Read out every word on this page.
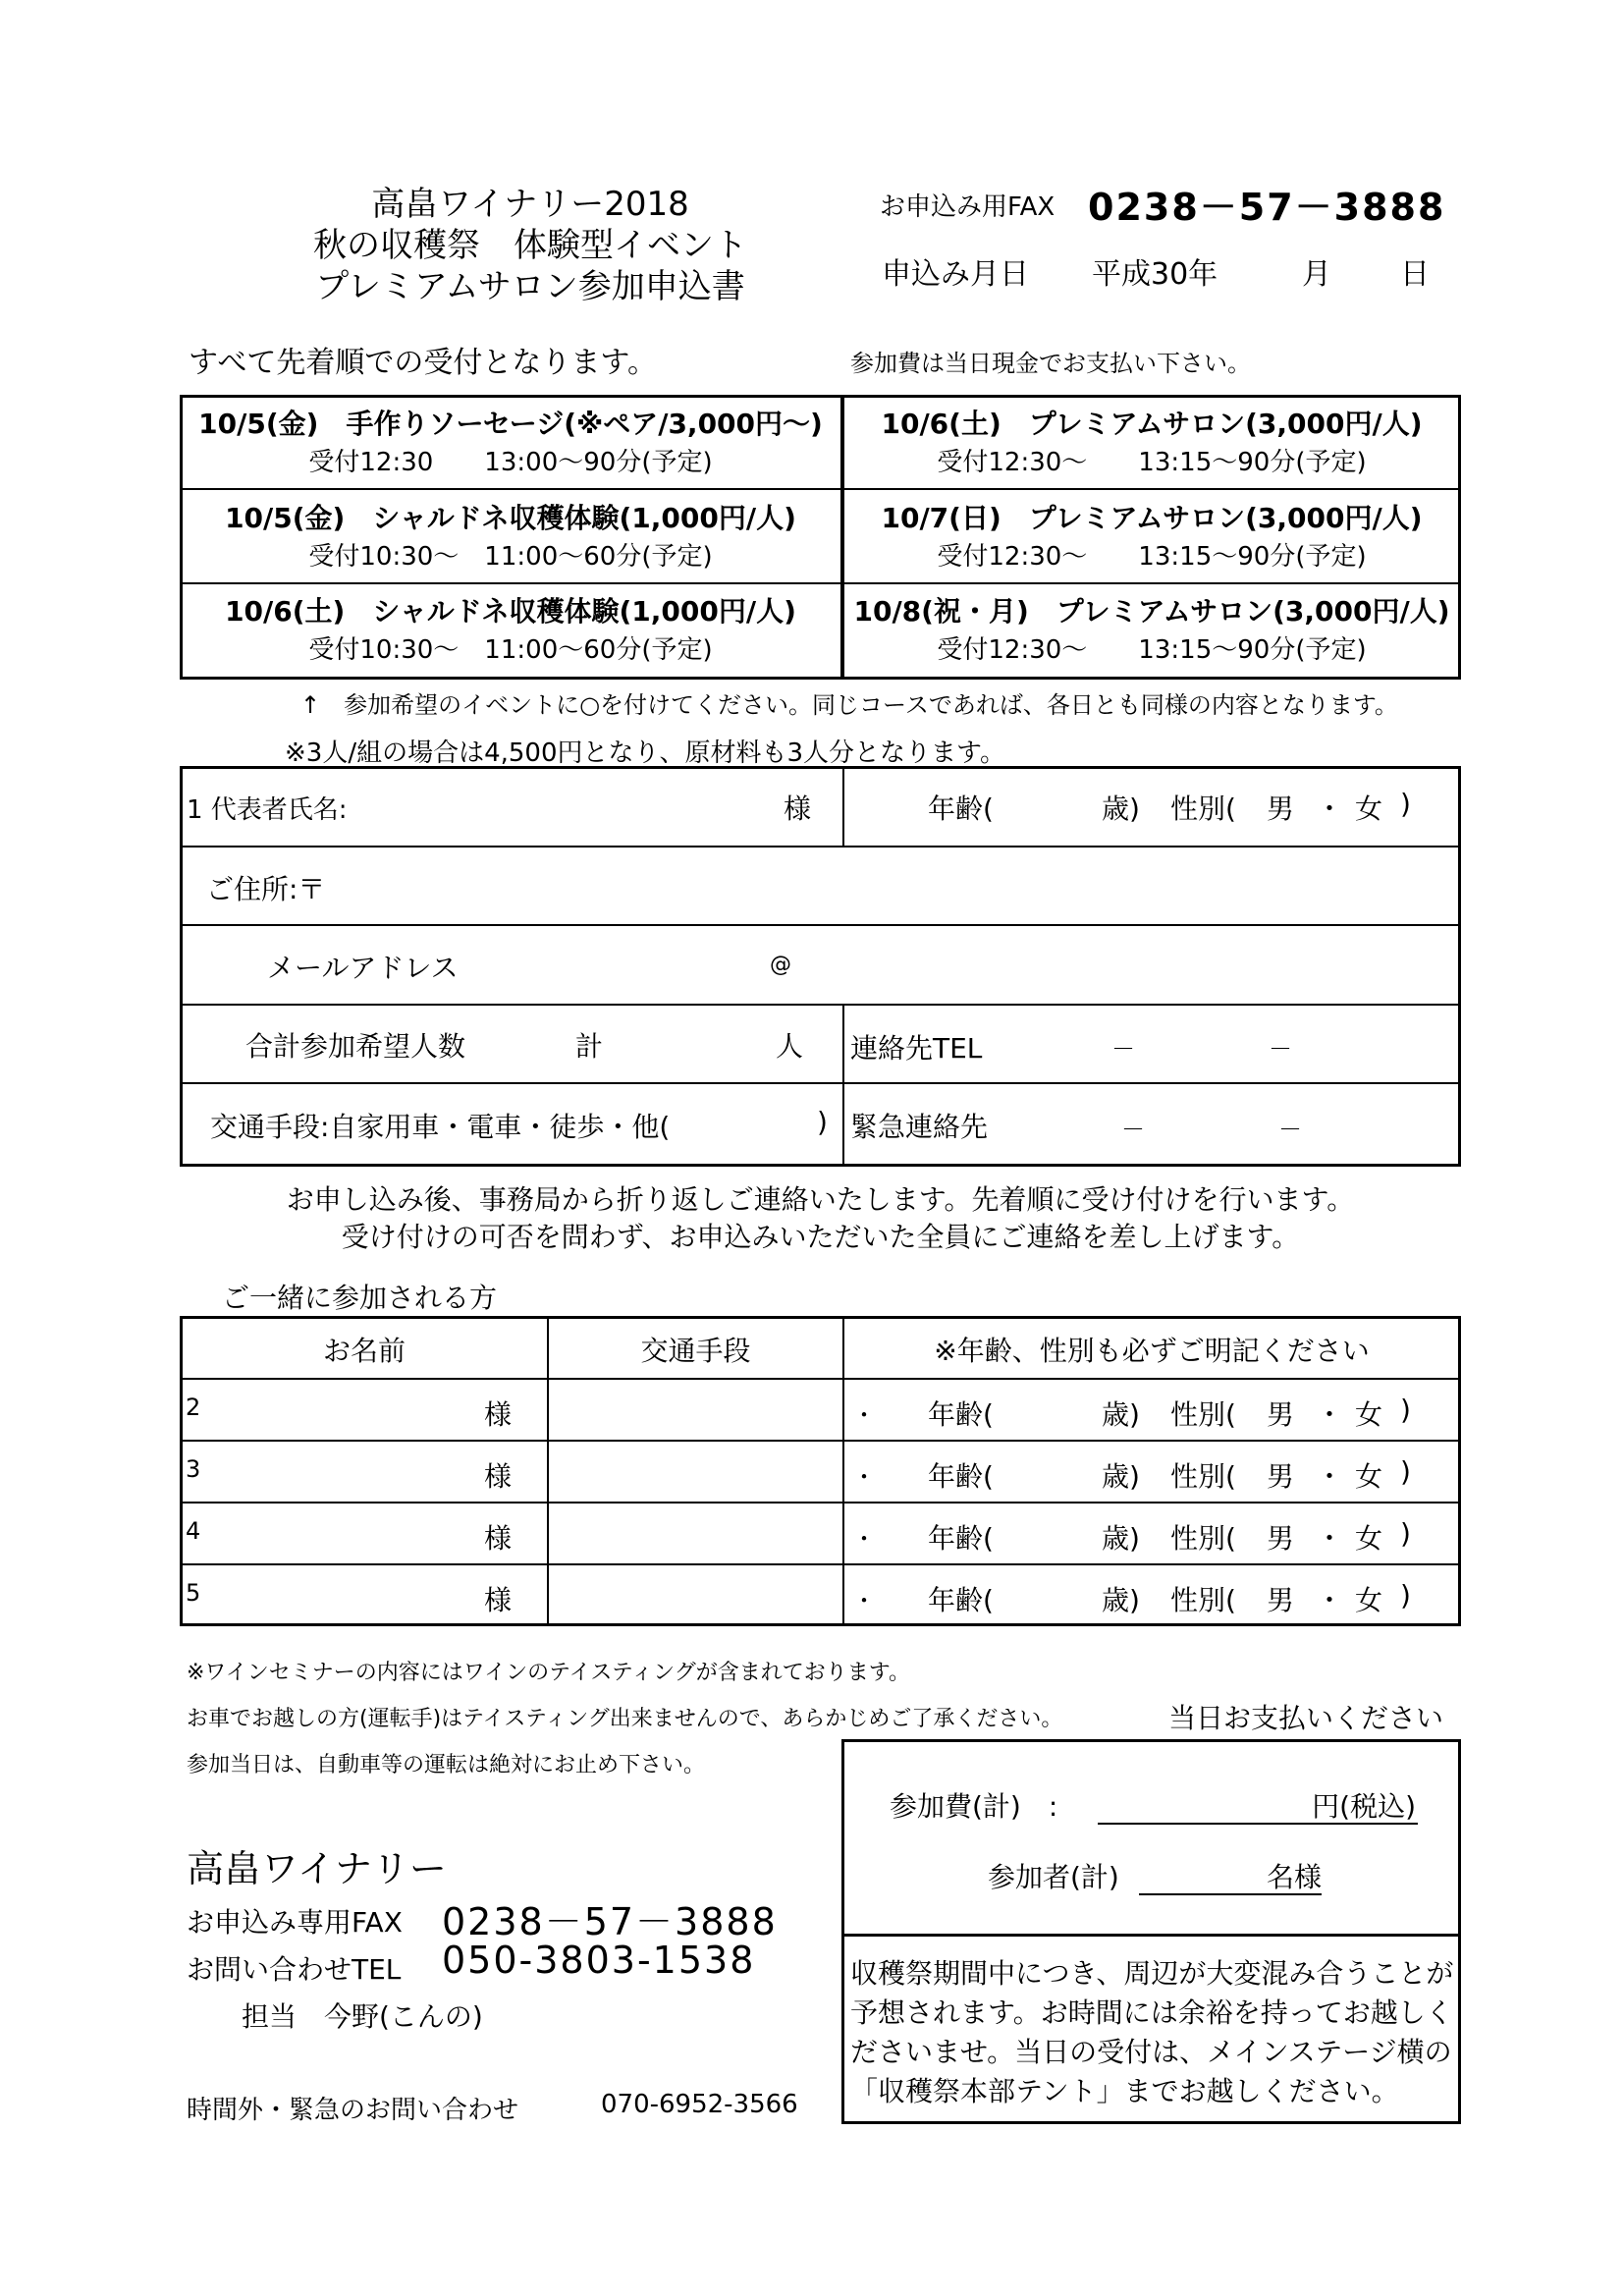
高畠ワイナリー2018
秋の収穫祭　体験型イベント
プレミアムサロン参加申込書
お申込み用FAX 0238－57－3888
申込み月日 平成30年	月 日
すべて先着順での受付となります。	参加費は当日現金でお支払い下さい。
10/5(金)　手作りソーセージ(※ペア/3,000円～)
受付12:30　　13:00～90分(予定)
10/6(土)　プレミアムサロン(3,000円/人)
受付12:30～　　13:15～90分(予定)
10/5(金)　シャルドネ収穫体験(1,000円/人)
受付10:30～　11:00～60分(予定)
10/7(日)　プレミアムサロン(3,000円/人)
受付12:30～　　13:15～90分(予定)
10/6(土)　シャルドネ収穫体験(1,000円/人)
受付10:30～　11:00～60分(予定)
10/8(祝・月)　プレミアムサロン(3,000円/人)
受付12:30～　　13:15～90分(予定)
↑　参加希望のイベントに○を付けてください。同じコースであれば、各日とも同様の内容となります。
※3人/組の場合は4,500円となり、原材料も3人分となります。
1 代表者氏名:	様	年齢(	歳) 性別( 男 ・ 女 )
ご住所:〒
メールアドレス	@
合計参加希望人数	計	人 連絡先TEL	－	－
交通手段:自家用車・電車・徒歩・他(	) 緊急連絡先	－	－
お申し込み後、事務局から折り返しご連絡いたします。先着順に受け付けを行います。
受け付けの可否を問わず、お申込みいただいた全員にご連絡を差し上げます。
ご一緒に参加される方
お名前	交通手段	※年齢、性別も必ずご明記ください
2	様	・ 年齢(	歳) 性別( 男 ・ 女 )
3	様	・ 年齢(	歳) 性別( 男 ・ 女 )
4	様	・ 年齢(	歳) 性別( 男 ・ 女 )
5	様	・ 年齢(	歳) 性別( 男 ・ 女 )
※ワインセミナーの内容にはワインのテイスティングが含まれております。
お車でお越しの方(運転手)はテイスティング出来ませんので、あらかじめご了承ください。	当日お支払いください
参加当日は、自動車等の運転は絶対にお止め下さい。
参加費(計)　:	円(税込)
参加者(計)	名様
収穫祭期間中につき、周辺が大変混み合うことが予想されます。お時間には余裕を持ってお越しくださいませ。当日の受付は、メインステージ横の　「収穫祭本部テント」までお越しください。
高畠ワイナリー
お申込み専用FAX 0238－57－3888
お問い合わせTEL 050-3803-1538
担当　今野(こんの)
時間外・緊急のお問い合わせ	070-6952-3566
